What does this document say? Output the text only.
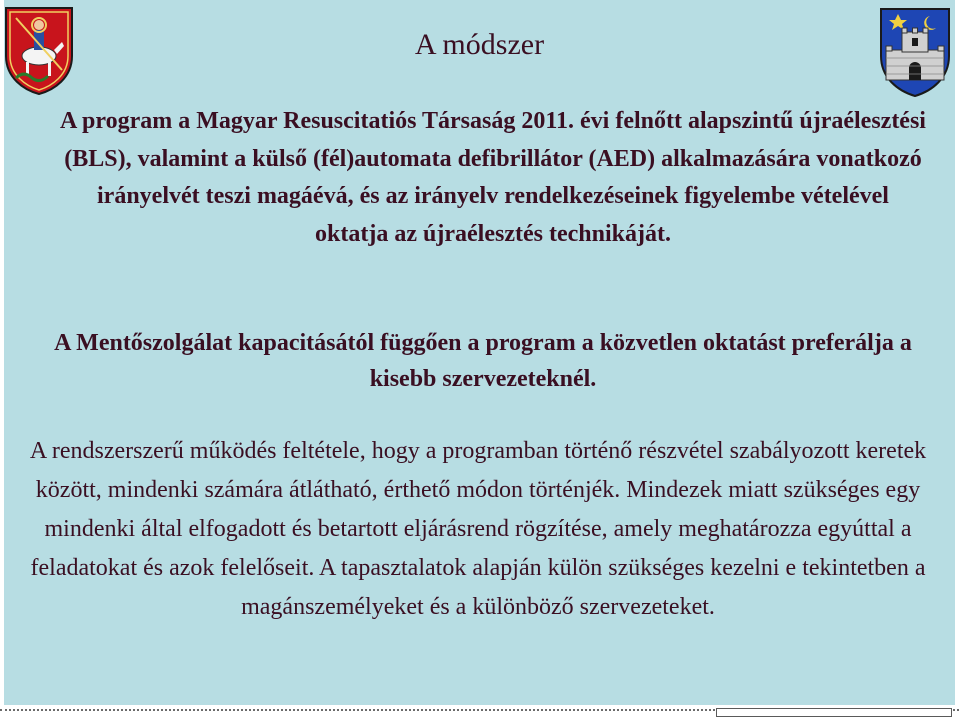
A módszer

A program a Magyar Resuscitatiós Társaság 2011. évi felnőtt alapszintű újraélesztési (BLS), valamint a külső (fél)automata defibrillátor (AED) alkalmazására vonatkozó irányelvét teszi magáévá, és az irányelv rendelkezéseinek figyelembe vételével oktatja az újraélesztés technikáját.

A Mentőszolgálat kapacitásától függően a program a közvetlen oktatást preferálja a kisebb szervezeteknél.

A rendszerszerű működés feltétele, hogy a programban történő részvétel szabályozott keretek között, mindenki számára átlátható, érthető módon történjék. Mindezek miatt szükséges egy mindenki által elfogadott és betartott eljárásrend rögzítése, amely meghatározza egyúttal a feladatokat és azok felelőseit. A tapasztalatok alapján külön szükséges kezelni e tekintetben a magánszemélyeket és a különböző szervezeteket.
